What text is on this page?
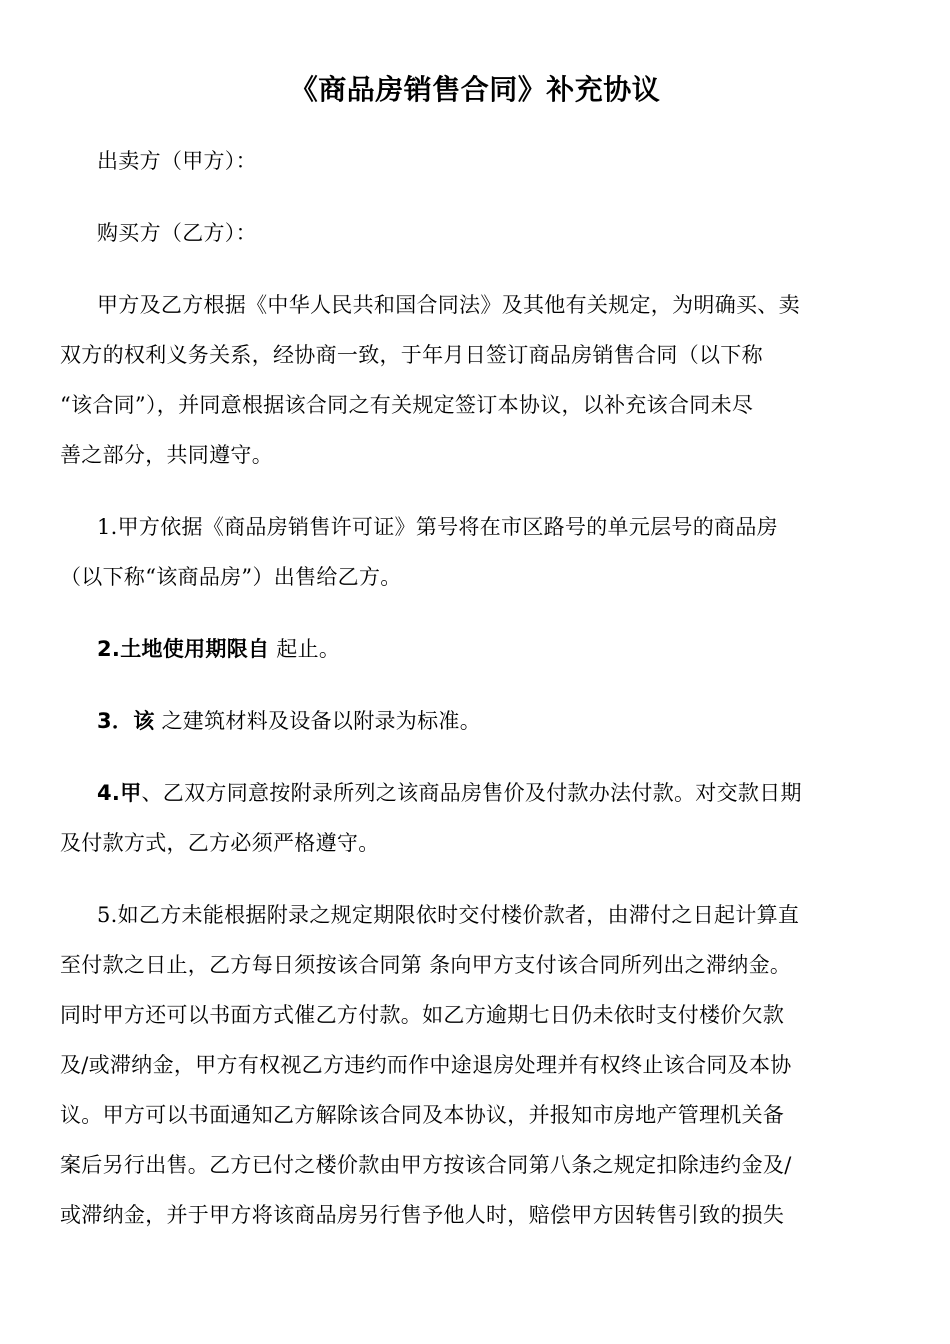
《商品房销售合同》补充协议
出卖方（甲方）：
购买方（乙方）：
甲方及乙方根据《中华人民共和国合同法》及其他有关规定，为明确买、卖
双方的权利义务关系，经协商一致，于年月日签订商品房销售合同（以下称
“该合同”），并同意根据该合同之有关规定签订本协议，以补充该合同未尽
善之部分，共同遵守。
1.甲方依据《商品房销售许可证》第号将在市区路号的单元层号的商品房
（以下称“该商品房”）出售给乙方。
2.土地使用期限自 起止。
3．该 之建筑材料及设备以附录为标准。
4.甲、乙双方同意按附录所列之该商品房售价及付款办法付款。对交款日期
及付款方式，乙方必须严格遵守。
5.如乙方未能根据附录之规定期限依时交付楼价款者，由滞付之日起计算直
至付款之日止，乙方每日须按该合同第 条向甲方支付该合同所列出之滞纳金。
同时甲方还可以书面方式催乙方付款。如乙方逾期七日仍未依时支付楼价欠款
及/或滞纳金，甲方有权视乙方违约而作中途退房处理并有权终止该合同及本协
议。甲方可以书面通知乙方解除该合同及本协议，并报知市房地产管理机关备
案后另行出售。乙方已付之楼价款由甲方按该合同第八条之规定扣除违约金及/
或滞纳金，并于甲方将该商品房另行售予他人时，赔偿甲方因转售引致的损失
